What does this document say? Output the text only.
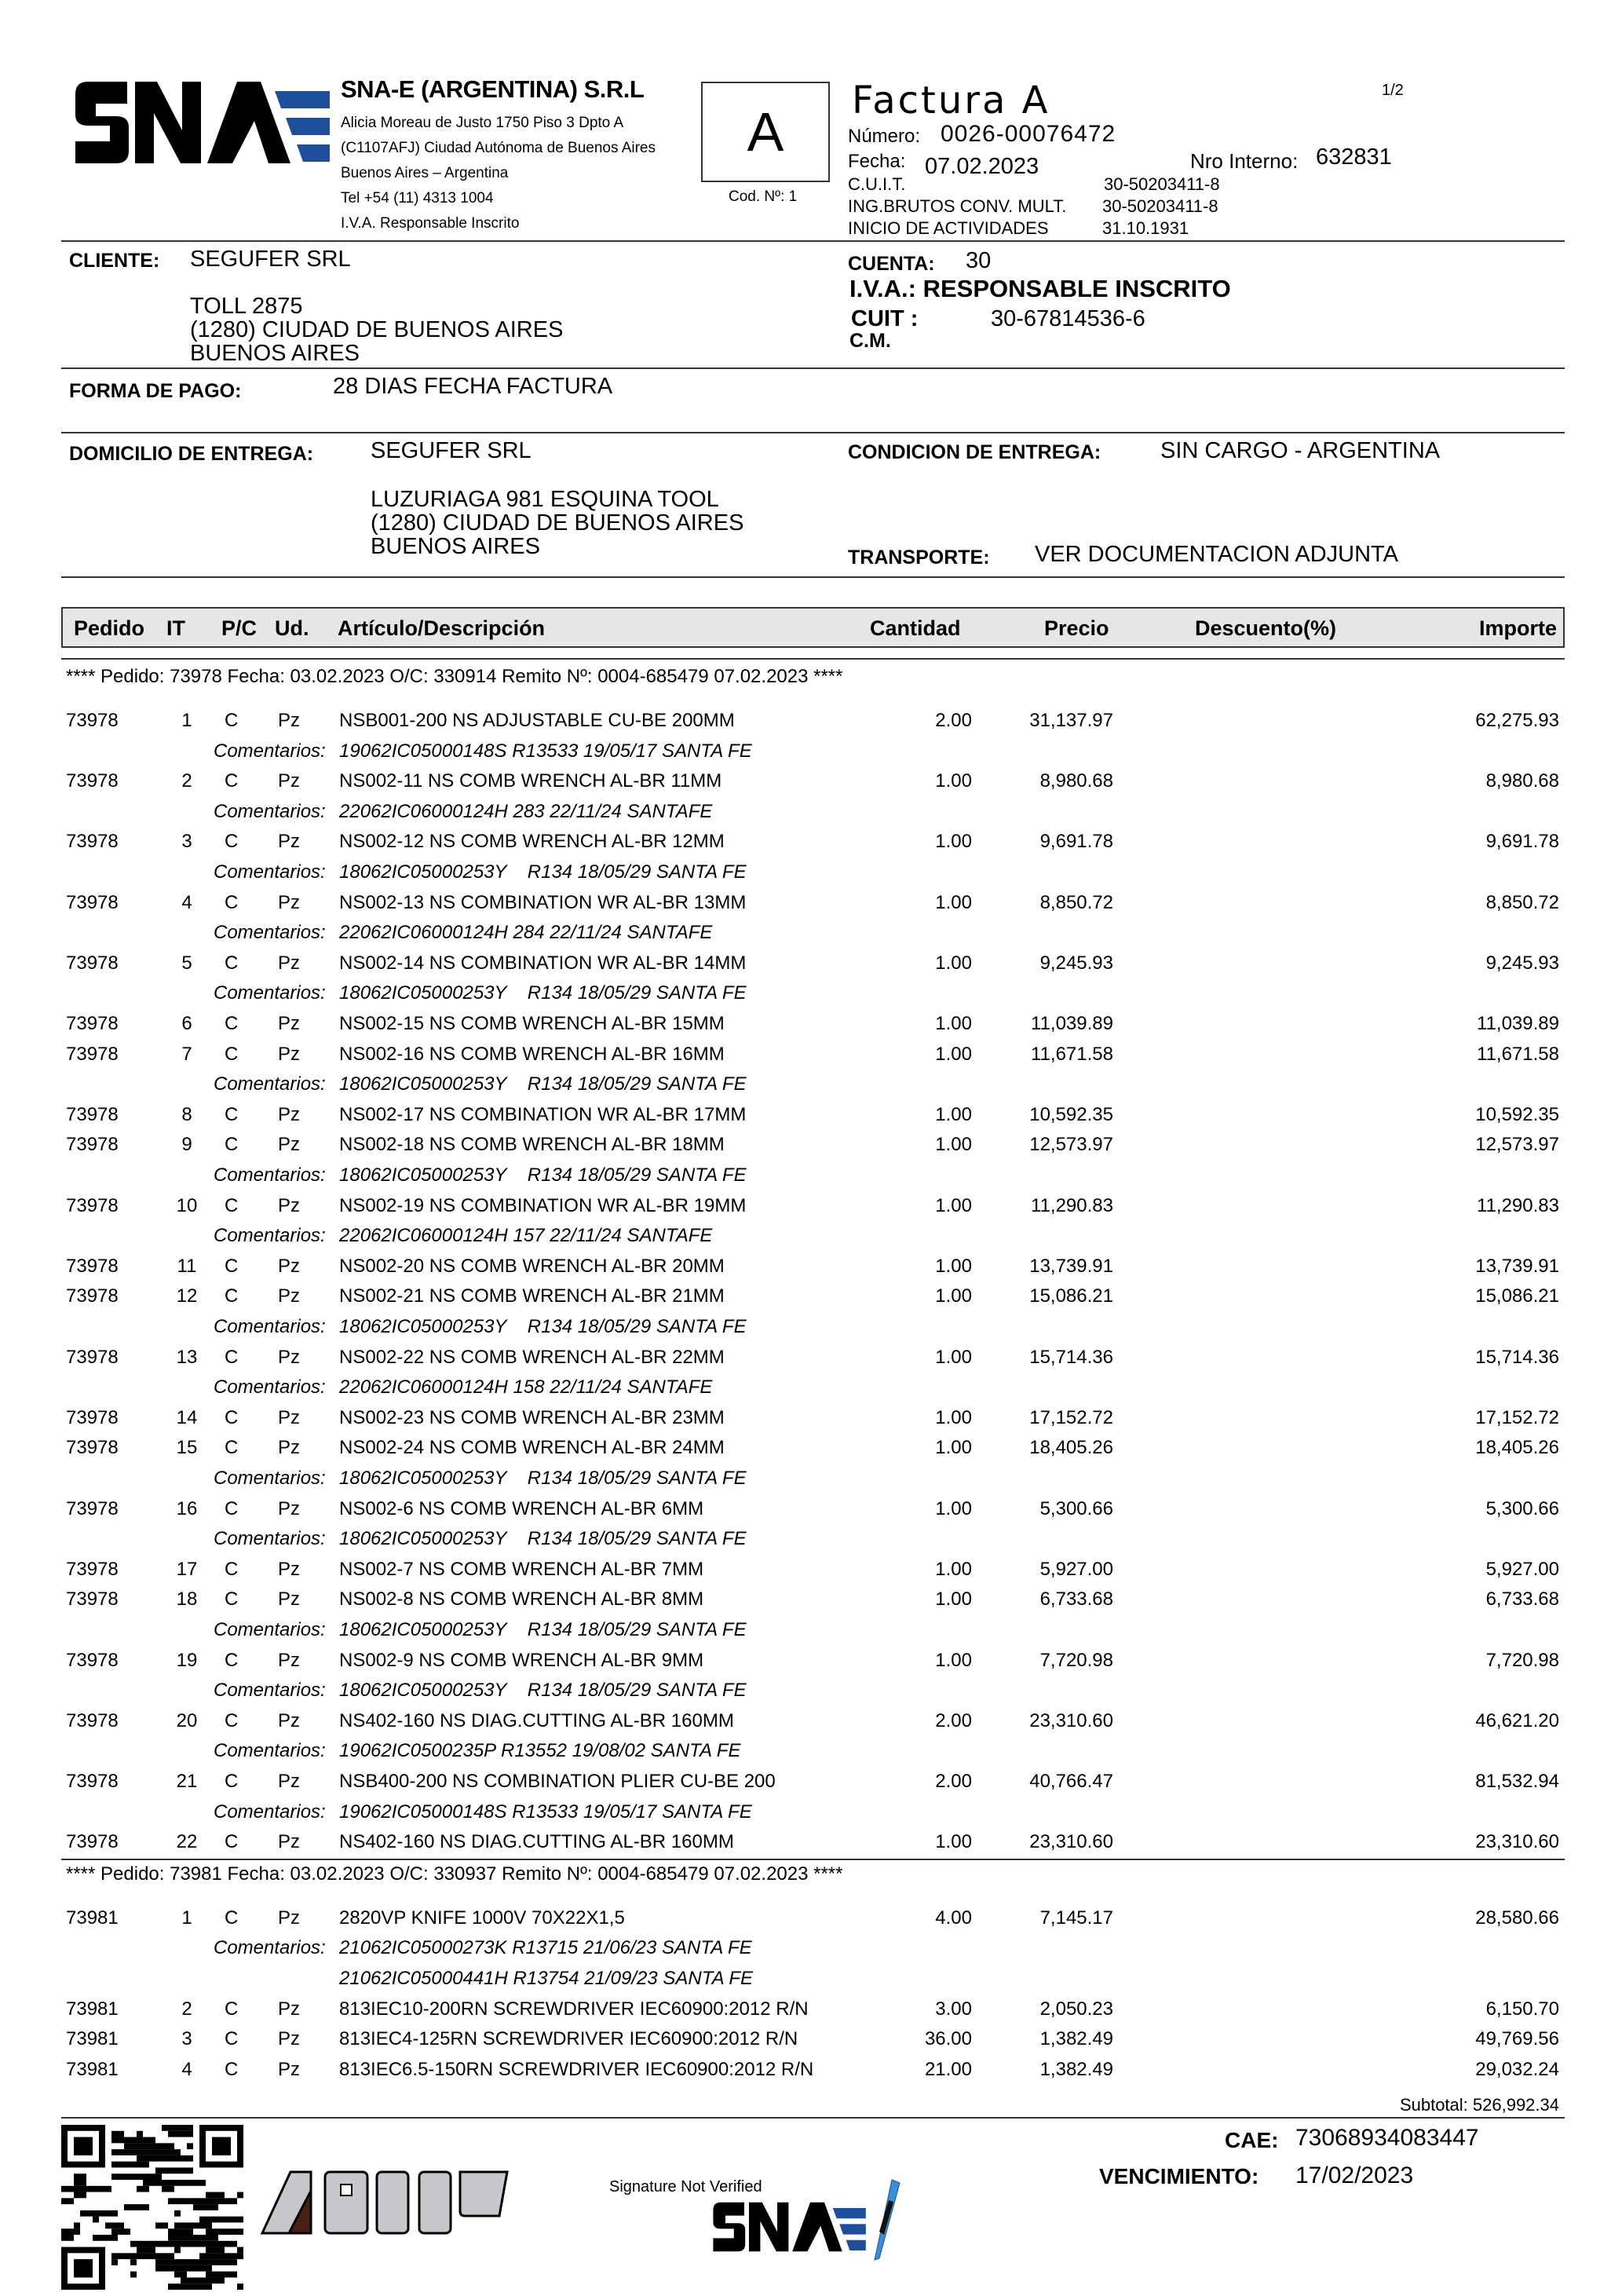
SNA-E (ARGENTINA) S.R.L
Alicia Moreau de Justo 1750 Piso 3 Dpto A
(C1107AFJ) Ciudad Autónoma de Buenos Aires
Buenos Aires – Argentina
Tel +54 (11) 4313 1004
I.V.A. Responsable Inscrito
A
Cod. Nº: 1
Factura A	1/2
Número: 0026-00076472
Fecha: 07.02.2023	Nro Interno: 632831
C.U.I.T.	30-50203411-8
ING.BRUTOS CONV. MULT. 30-50203411-8
INICIO DE ACTIVIDADES	31.10.1931
CLIENTE: SEGUFER SRL
TOLL 2875
(1280) CIUDAD DE BUENOS AIRES
BUENOS AIRES
CUENTA: 30
I.V.A.: RESPONSABLE INSCRITO
CUIT :	30-67814536-6
C.M.
FORMA DE PAGO:	28 DIAS FECHA FACTURA
DOMICILIO DE ENTREGA:	SEGUFER SRL
LUZURIAGA 981 ESQUINA TOOL
(1280) CIUDAD DE BUENOS AIRES
BUENOS AIRES
CONDICION DE ENTREGA:	SIN CARGO - ARGENTINA
TRANSPORTE: VER DOCUMENTACION ADJUNTA
Pedido IT P/C Ud. Artículo/Descripción	Cantidad	Precio	Descuento(%)	Importe
**** Pedido: 73978 Fecha: 03.02.2023 O/C: 330914 Remito Nº: 0004-685479 07.02.2023 ****
73978	1	C Pz NSB001-200 NS ADJUSTABLE CU-BE 200MM	2.00	31,137.97	62,275.93
Comentarios: 19062IC05000148S R13533 19/05/17 SANTA FE
73978	2	C Pz NS002-11 NS COMB WRENCH AL-BR 11MM	1.00	8,980.68	8,980.68
Comentarios: 22062IC06000124H 283 22/11/24 SANTAFE
73978	3	C Pz NS002-12 NS COMB WRENCH AL-BR 12MM	1.00	9,691.78	9,691.78
Comentarios: 18062IC05000253Y    R134 18/05/29 SANTA FE
73978	4	C Pz NS002-13 NS COMBINATION WR AL-BR 13MM	1.00	8,850.72	8,850.72
Comentarios: 22062IC06000124H 284 22/11/24 SANTAFE
73978	5	C Pz NS002-14 NS COMBINATION WR AL-BR 14MM	1.00	9,245.93	9,245.93
Comentarios: 18062IC05000253Y    R134 18/05/29 SANTA FE
73978	6	C Pz NS002-15 NS COMB WRENCH AL-BR 15MM	1.00	11,039.89	11,039.89
73978	7	C Pz NS002-16 NS COMB WRENCH AL-BR 16MM	1.00	11,671.58	11,671.58
Comentarios: 18062IC05000253Y    R134 18/05/29 SANTA FE
73978	8	C Pz NS002-17 NS COMBINATION WR AL-BR 17MM	1.00	10,592.35	10,592.35
73978	9	C Pz NS002-18 NS COMB WRENCH AL-BR 18MM	1.00	12,573.97	12,573.97
Comentarios: 18062IC05000253Y    R134 18/05/29 SANTA FE
73978	10 C Pz NS002-19 NS COMBINATION WR AL-BR 19MM	1.00	11,290.83	11,290.83
Comentarios: 22062IC06000124H 157 22/11/24 SANTAFE
73978	11	C Pz NS002-20 NS COMB WRENCH AL-BR 20MM	1.00	13,739.91	13,739.91
73978	12 C Pz NS002-21 NS COMB WRENCH AL-BR 21MM	1.00	15,086.21	15,086.21
Comentarios: 18062IC05000253Y    R134 18/05/29 SANTA FE
73978	13 C Pz NS002-22 NS COMB WRENCH AL-BR 22MM	1.00	15,714.36	15,714.36
Comentarios: 22062IC06000124H 158 22/11/24 SANTAFE
73978	14 C Pz NS002-23 NS COMB WRENCH AL-BR 23MM	1.00	17,152.72	17,152.72
73978	15 C Pz NS002-24 NS COMB WRENCH AL-BR 24MM	1.00	18,405.26	18,405.26
Comentarios: 18062IC05000253Y    R134 18/05/29 SANTA FE
73978	16 C Pz NS002-6 NS COMB WRENCH AL-BR 6MM	1.00	5,300.66	5,300.66
Comentarios: 18062IC05000253Y    R134 18/05/29 SANTA FE
73978	17 C Pz NS002-7 NS COMB WRENCH AL-BR 7MM	1.00	5,927.00	5,927.00
73978	18 C Pz NS002-8 NS COMB WRENCH AL-BR 8MM	1.00	6,733.68	6,733.68
Comentarios: 18062IC05000253Y    R134 18/05/29 SANTA FE
73978	19 C Pz NS002-9 NS COMB WRENCH AL-BR 9MM	1.00	7,720.98	7,720.98
Comentarios: 18062IC05000253Y    R134 18/05/29 SANTA FE
73978	20 C Pz NS402-160 NS DIAG.CUTTING AL-BR 160MM	2.00	23,310.60	46,621.20
Comentarios: 19062IC0500235P R13552 19/08/02 SANTA FE
73978	21 C Pz NSB400-200 NS COMBINATION PLIER CU-BE 200	2.00	40,766.47	81,532.94
Comentarios: 19062IC05000148S R13533 19/05/17 SANTA FE
73978	22 C Pz NS402-160 NS DIAG.CUTTING AL-BR 160MM	1.00	23,310.60	23,310.60
**** Pedido: 73981 Fecha: 03.02.2023 O/C: 330937 Remito Nº: 0004-685479 07.02.2023 ****
73981	1	C Pz 2820VP KNIFE 1000V 70X22X1,5	4.00	7,145.17	28,580.66
Comentarios: 21062IC05000273K R13715 21/06/23 SANTA FE
21062IC05000441H R13754 21/09/23 SANTA FE
73981	2	C Pz 813IEC10-200RN SCREWDRIVER IEC60900:2012 R/N	3.00	2,050.23	6,150.70
73981	3	C Pz 813IEC4-125RN SCREWDRIVER IEC60900:2012 R/N	36.00	1,382.49	49,769.56
73981	4	C Pz 813IEC6.5-150RN SCREWDRIVER IEC60900:2012 R/N	21.00	1,382.49	29,032.24
Subtotal: 526,992.34
Signature Not Verified
CAE: 73068934083447
VENCIMIENTO: 17/02/2023
